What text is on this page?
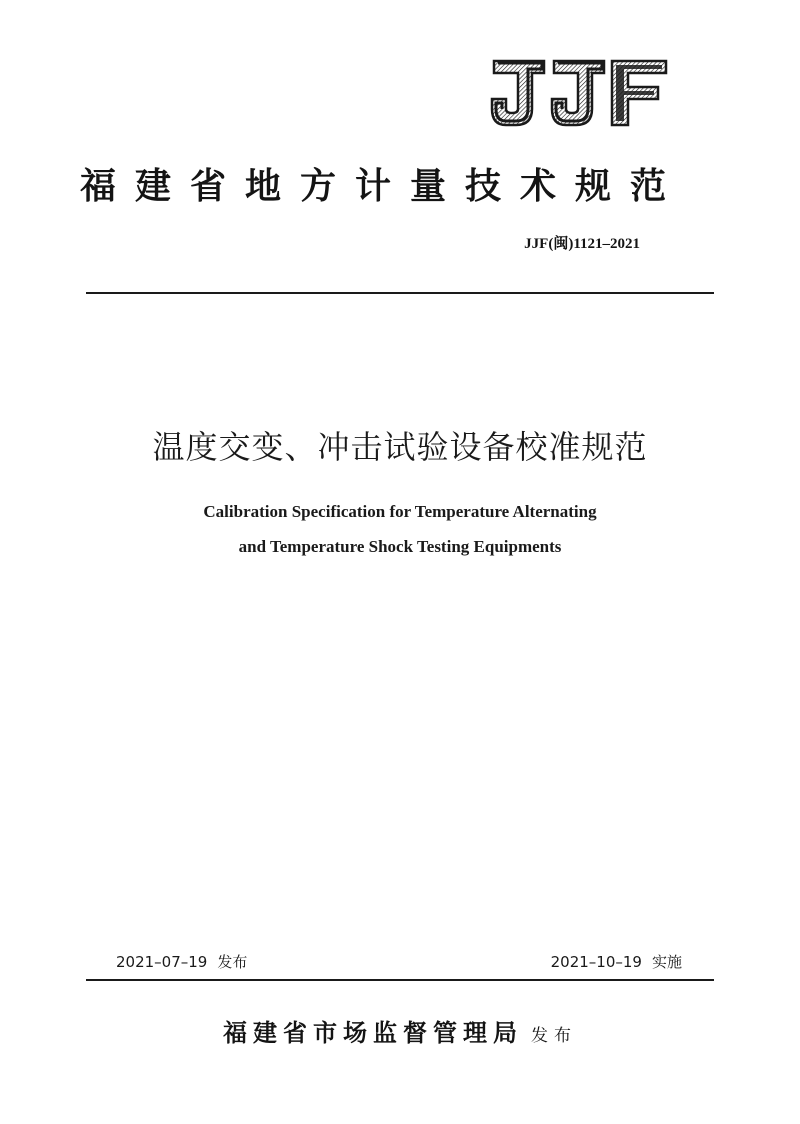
福建省地方计量技术规范
JJF(闽)1121–2021
温度交变、冲击试验设备校准规范
Calibration Specification for Temperature Alternating
and Temperature Shock Testing Equipments
2021–07–19 发布	2021–10–19 实施
福建省市场监督管理局 发布
